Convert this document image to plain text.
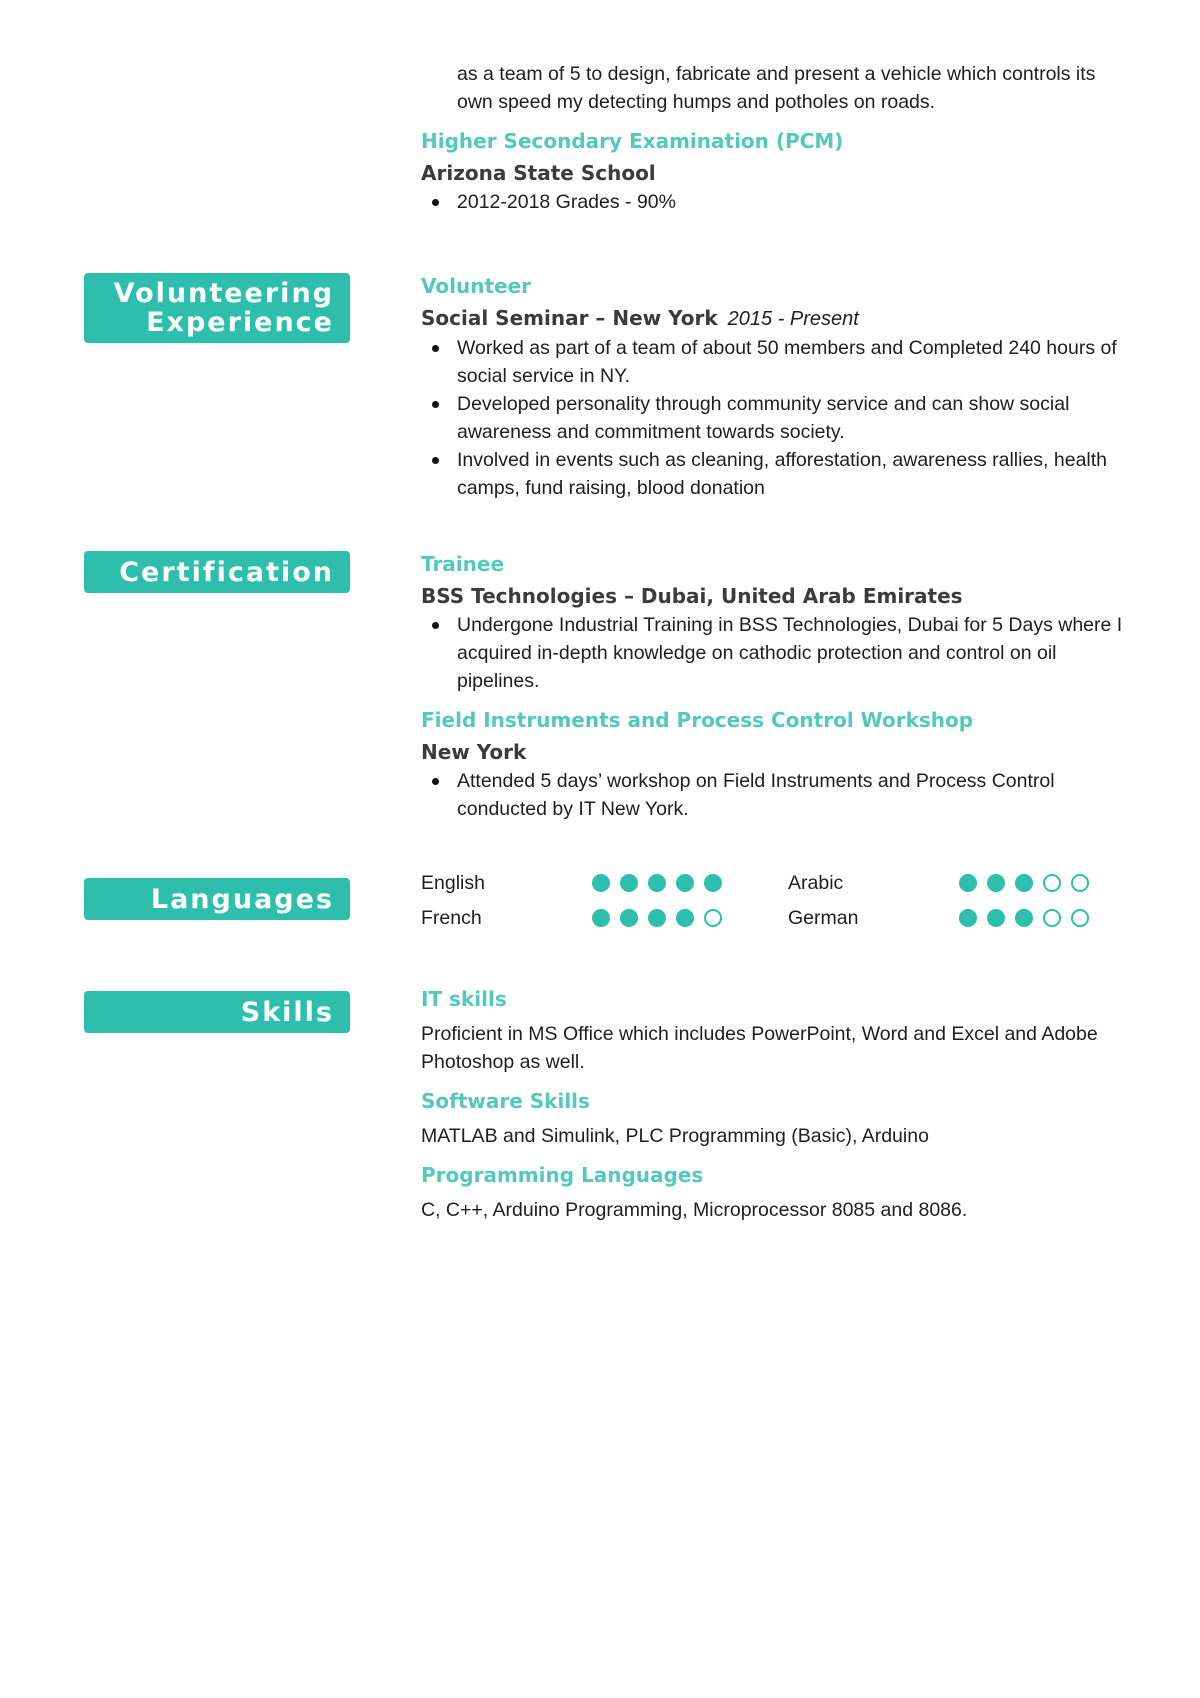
as a team of 5 to design, fabricate and present a vehicle which controls its

own speed my detecting humps and potholes on roads.

Higher Secondary Examination (PCM)

Arizona State School

2012-2018 Grades - 90%
Volunteering
Experience

Volunteer

Social Seminar – New York 2015 - Present

Worked as part of a team of about 50 members and Completed 240 hours of social service in NY.
Developed personality through community service and can show social awareness and commitment towards society.
Involved in events such as cleaning, afforestation, awareness rallies, health camps, fund raising, blood donation
Certification	Trainee

BSS Technologies – Dubai, United Arab Emirates

Undergone Industrial Training in BSS Technologies, Dubai for 5 Days where I acquired in-depth knowledge on cathodic protection and control on oil pipelines.

Field Instruments and Process Control Workshop

New York

Attended 5 days’ workshop on Field Instruments and Process Control conducted by IT New York.
Languages
English	Arabic
French	German
Skills	IT skills

Proficient in MS Office which includes PowerPoint, Word and Excel and Adobe Photoshop as well.

Software Skills

MATLAB and Simulink, PLC Programming (Basic), Arduino

Programming Languages

C, C++, Arduino Programming, Microprocessor 8085 and 8086.
